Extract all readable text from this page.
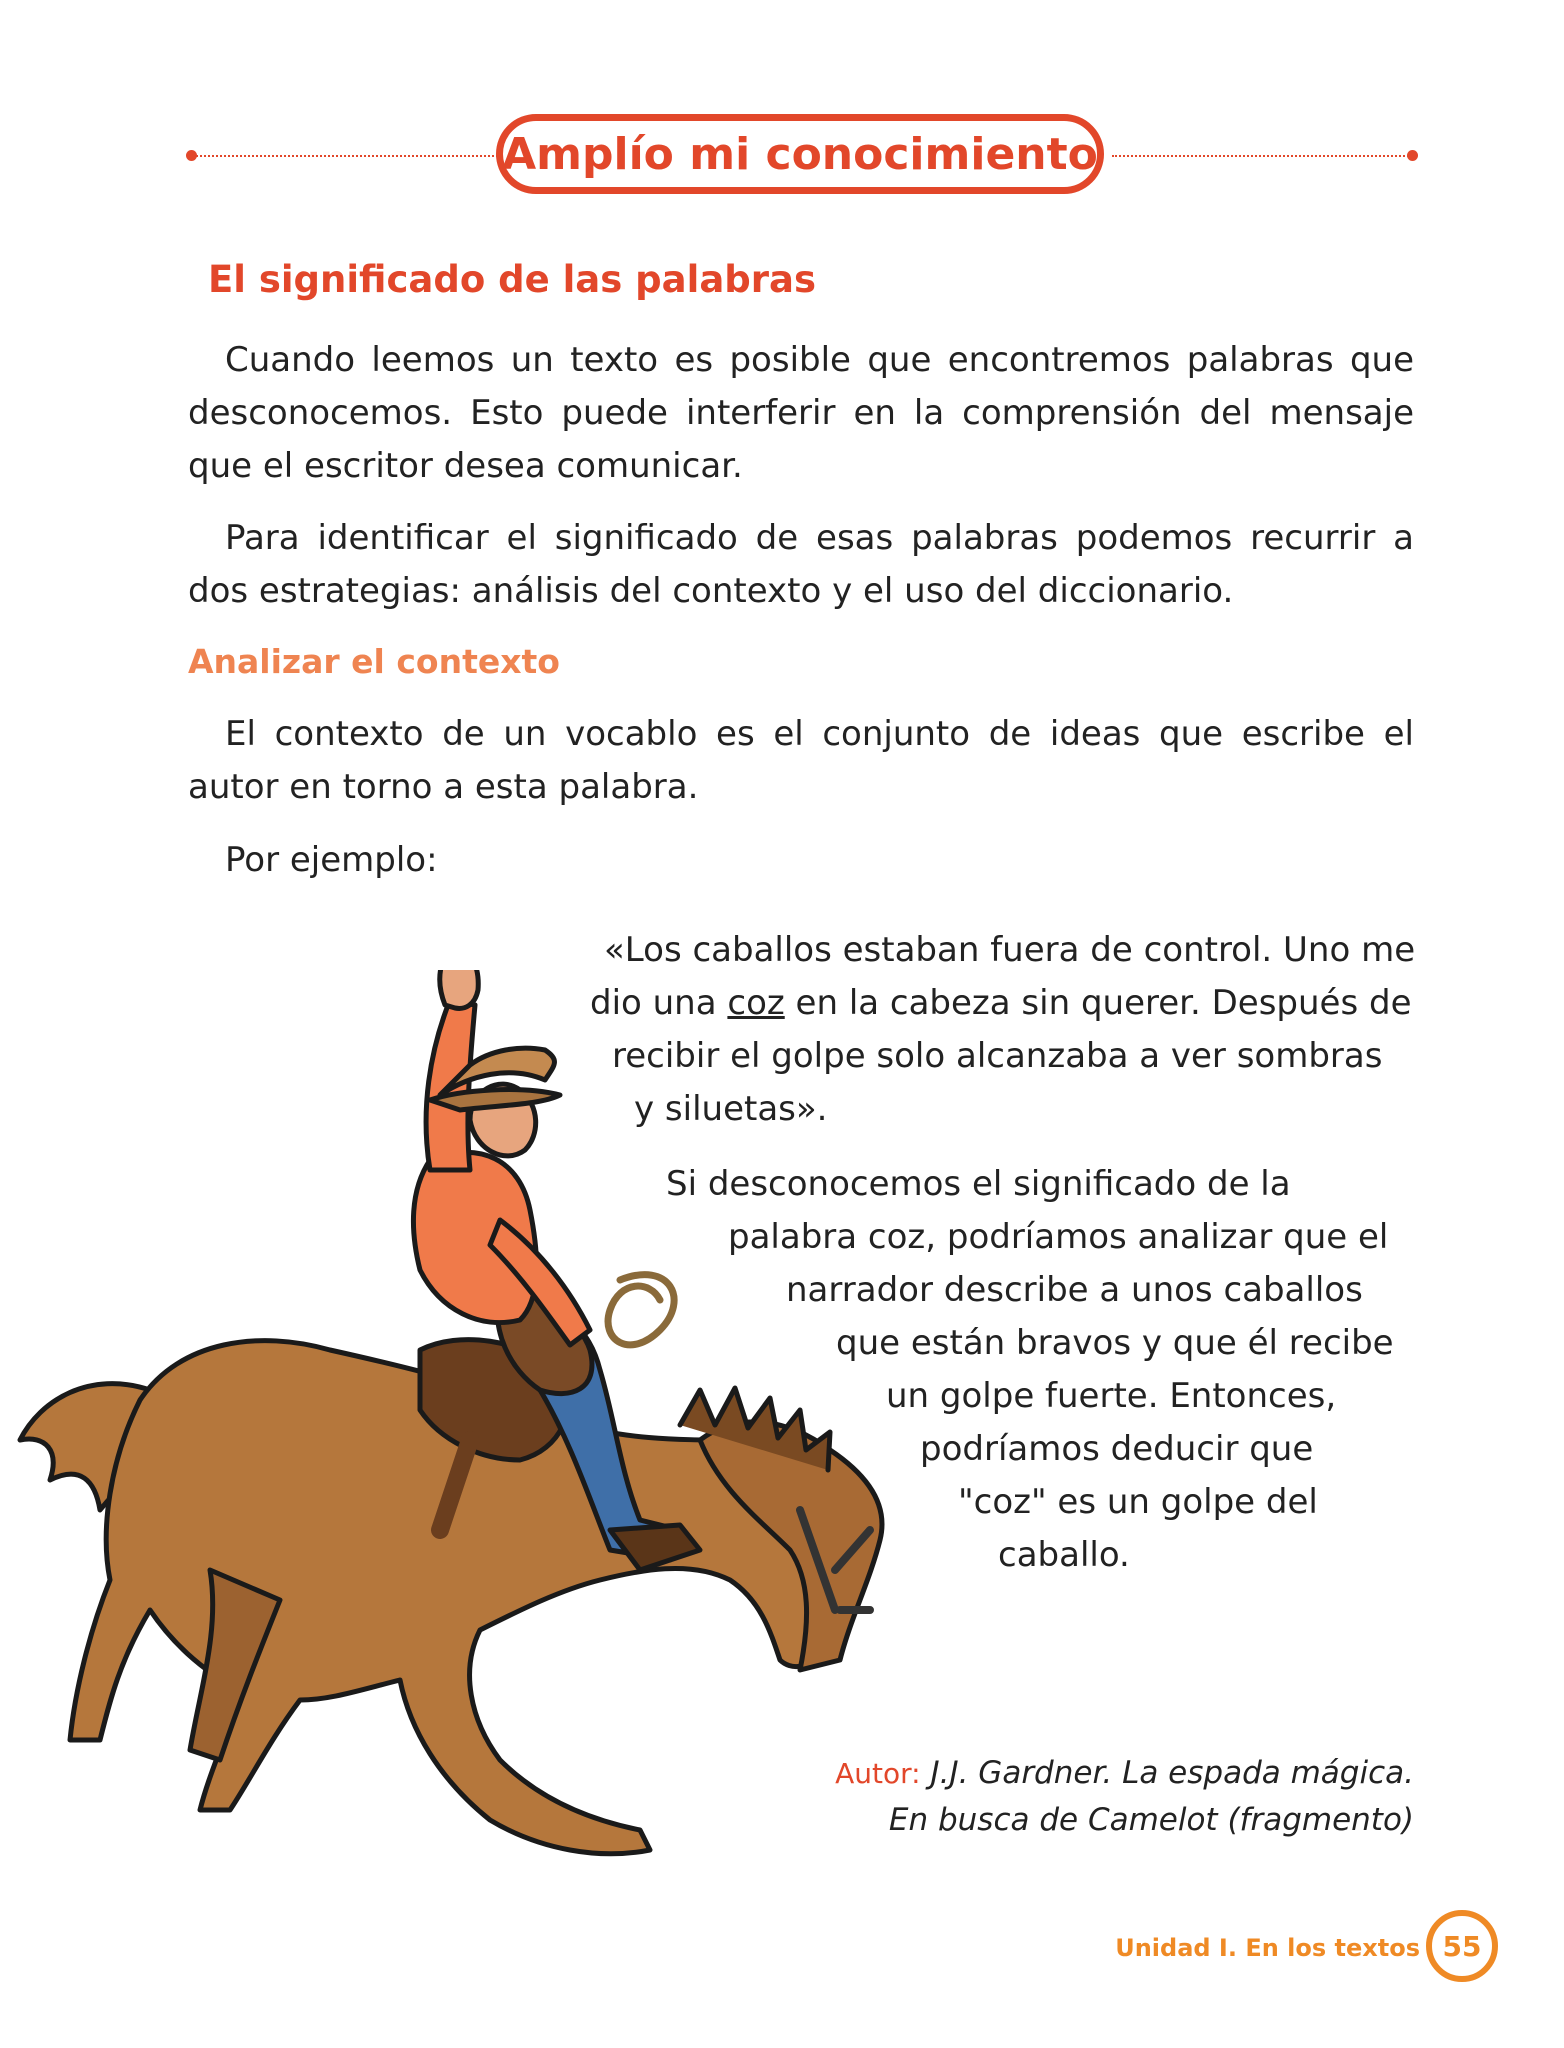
Amplío mi conocimiento
El significado de las palabras

Cuando leemos un texto es posible que encontremos palabras que desconocemos. Esto puede interferir en la comprensión del mensaje que el escritor desea comunicar.

Para identificar el significado de esas palabras podemos recurrir a dos estrategias: análisis del contexto y el uso del diccionario.

Analizar el contexto

El contexto de un vocablo es el conjunto de ideas que escribe el autor en torno a esta palabra.

Por ejemplo:

«Los caballos estaban fuera de control. Uno me

dio una coz en la cabeza sin querer. Después de

recibir el golpe solo alcanzaba a ver sombras

y siluetas».

Si desconocemos el significado de la

palabra coz, podríamos analizar que el

narrador describe a unos caballos

que están bravos y que él recibe

un golpe fuerte. Entonces,

podríamos deducir que

"coz" es un golpe del

caballo.

Autor: J.J. Gardner. La espada mágica.

En busca de Camelot (fragmento)

Unidad I. En los textos 55
